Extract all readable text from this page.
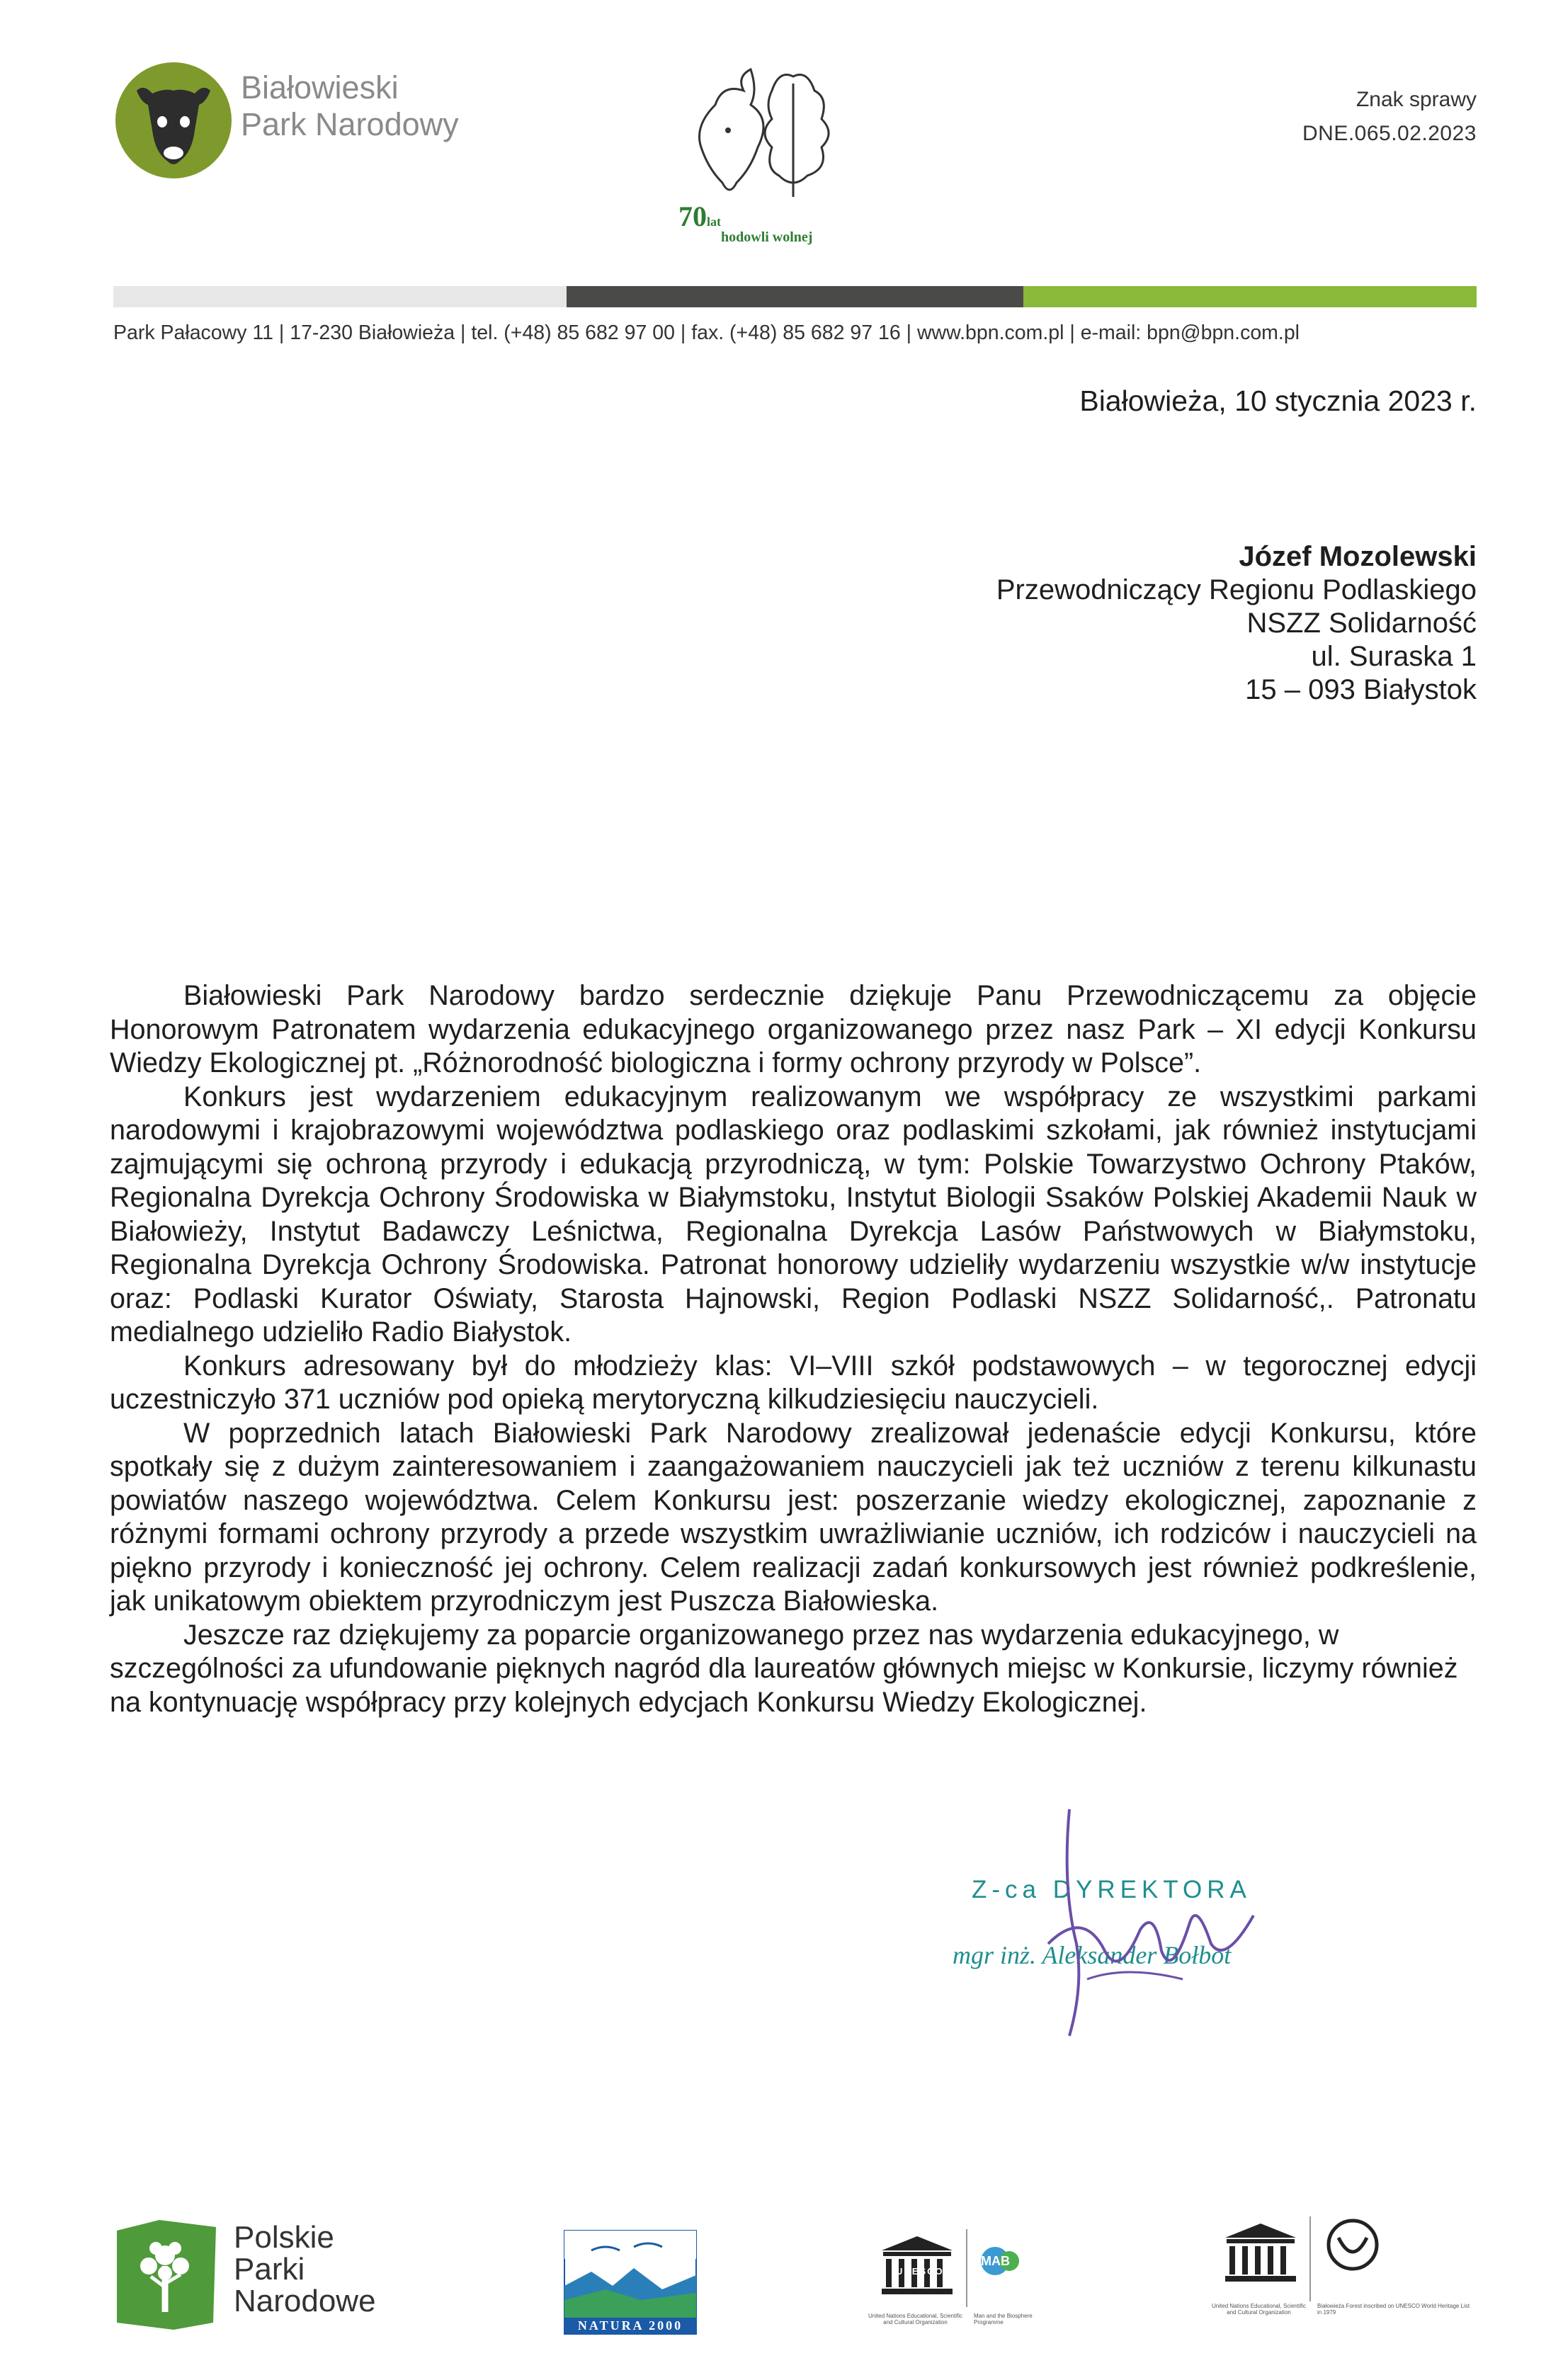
Białowieski
Park Narodowy
70lat
hodowli wolnej
Znak sprawy
DNE.065.02.2023
Park Pałacowy 11 | 17-230 Białowieża | tel. (+48) 85 682 97 00 | fax. (+48) 85 682 97 16 | www.bpn.com.pl | e-mail: bpn@bpn.com.pl
Białowieża, 10 stycznia 2023 r.
Józef Mozolewski
Przewodniczący Regionu Podlaskiego
NSZZ Solidarność
ul. Suraska 1
15 – 093 Białystok

Białowieski Park Narodowy bardzo serdecznie dziękuje Panu Przewodniczącemu za objęcie Honorowym Patronatem wydarzenia edukacyjnego organizowanego przez nasz Park – XI edycji Konkursu Wiedzy Ekologicznej pt. „Różnorodność biologiczna i formy ochrony przyrody w Polsce”.

Konkurs jest wydarzeniem edukacyjnym realizowanym we współpracy ze wszystkimi parkami narodowymi i krajobrazowymi województwa podlaskiego oraz podlaskimi szkołami, jak również instytucjami zajmującymi się ochroną przyrody i edukacją przyrodniczą, w tym: Polskie Towarzystwo Ochrony Ptaków, Regionalna Dyrekcja Ochrony Środowiska w Białymstoku, Instytut Biologii Ssaków Polskiej Akademii Nauk w Białowieży, Instytut Badawczy Leśnictwa, Regionalna Dyrekcja Lasów Państwowych w Białymstoku, Regionalna Dyrekcja Ochrony Środowiska. Patronat honorowy udzieliły wydarzeniu wszystkie w/w instytucje oraz: Podlaski Kurator Oświaty, Starosta Hajnowski, Region Podlaski NSZZ Solidarność,. Patronatu medialnego udzieliło Radio Białystok.

Konkurs adresowany był do młodzieży klas: VI–VIII szkół podstawowych – w tegorocznej edycji uczestniczyło 371 uczniów pod opieką merytoryczną kilkudziesięciu nauczycieli.

W poprzednich latach Białowieski Park Narodowy zrealizował jedenaście edycji Konkursu, które spotkały się z dużym zainteresowaniem i zaangażowaniem nauczycieli jak też uczniów z terenu kilkunastu powiatów naszego województwa. Celem Konkursu jest: poszerzanie wiedzy ekologicznej, zapoznanie z różnymi formami ochrony przyrody a przede wszystkim uwrażliwianie uczniów, ich rodziców i nauczycieli na piękno przyrody i konieczność jej ochrony. Celem realizacji zadań konkursowych jest również podkreślenie, jak unikatowym obiektem przyrodniczym jest Puszcza Białowieska.

Jeszcze raz dziękujemy za poparcie organizowanego przez nas wydarzenia edukacyjnego, w szczególności za ufundowanie pięknych nagród dla laureatów głównych miejsc w Konkursie, liczymy również na kontynuację współpracy przy kolejnych edycjach Konkursu Wiedzy Ekologicznej.

Z-ca DYREKTORA
mgr inż. Aleksander Bołbot
Polskie
Parki
Narodowe
NATURA 2000
UNESCO
MAB
United Nations Educational, Scientific and Cultural Organization
Man and the Biosphere Programme
United Nations Educational, Scientific and Cultural Organization
Białowieża Forest inscribed on UNESCO World Heritage List in 1979
